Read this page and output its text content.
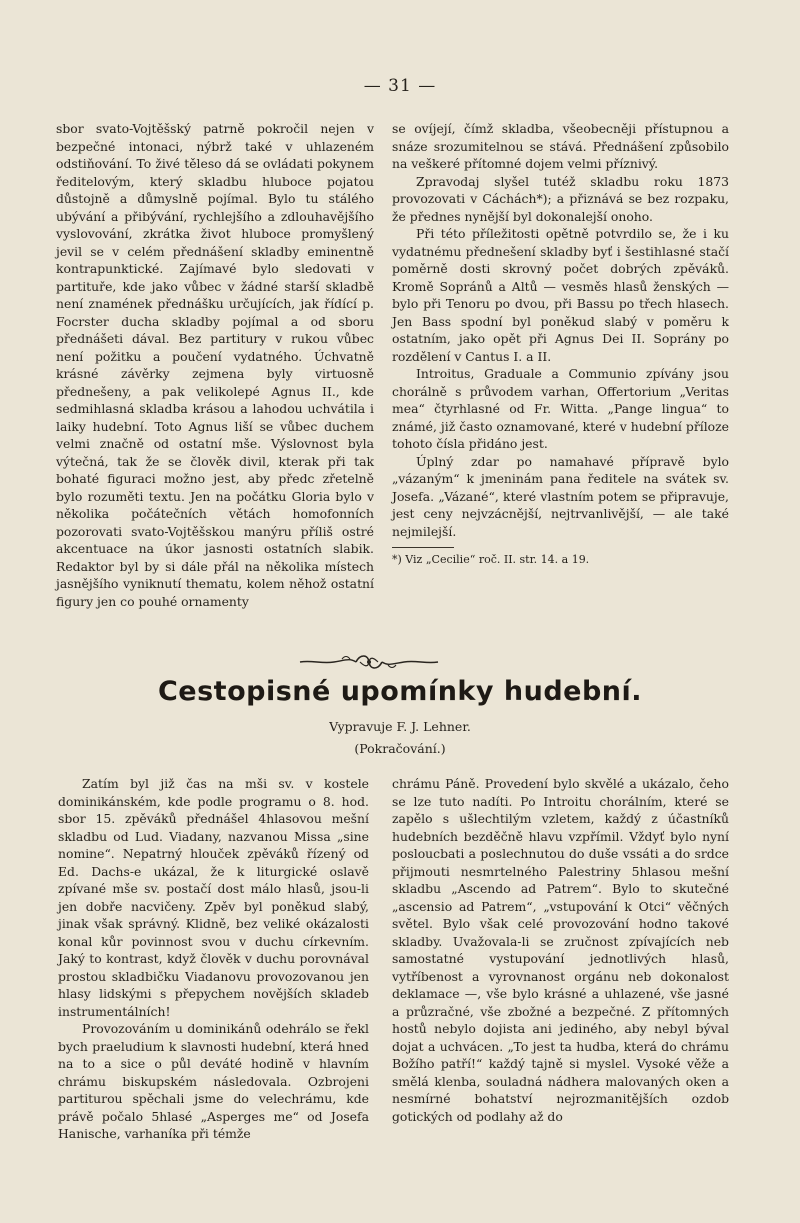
— 31 —

sbor svato-Vojtěšský patrně pokročil nejen v bezpečné intonaci, nýbrž také v uhlazeném odstiňování. To živé těleso dá se ovládati pokynem ředitelovým, který skladbu hluboce pojatou důstojně a důmyslně pojímal. Bylo tu stálého ubývání a přibývání, rychlejšího a zdlouhavějšího vyslovování, zkrátka život hluboce promyšlený jevil se v celém přednášení skladby eminentně kontrapunktické. Zajímavé bylo sledovati v partituře, kde jako vůbec v žádné starší skladbě není znamének přednášku určujících, jak řídící p. Focrster ducha skladby pojímal a od sboru přednášeti dával. Bez partitury v rukou vůbec není požitku a poučení vydatného. Úchvatně krásné závěrky zejmena byly virtuosně přednešeny, a pak velikolepé Agnus II., kde sedmihlasná skladba krásou a lahodou uchvátila i laiky hudební. Toto Agnus liší se vůbec duchem velmi značně od ostatní mše. Výslovnost byla výtečná, tak že se člověk divil, kterak při tak bohaté figuraci možno jest, aby předc zřetelně bylo rozuměti textu. Jen na počátku Gloria bylo v několika počátečních větách homofonních pozorovati svato-Vojtěšskou manýru příliš ostré akcentuace na úkor jasnosti ostatních slabik. Redaktor byl by si dále přál na několika místech jasnějšího vyniknutí thematu, kolem něhož ostatní figury jen co pouhé ornamenty

se ovíjejí, čímž skladba, všeobecněji přístupnou a snáze srozumitelnou se stává. Přednášení způsobilo na veškeré přítomné dojem velmi příznivý.

Zpravodaj slyšel tutéž skladbu roku 1873 provozovati v Cáchách*); a přiznává se bez rozpaku, že přednes nynější byl dokonalejší onoho.

Při této příležitosti opětně potvrdilo se, že i ku vydatnému přednešení skladby byť i šestihlasné stačí poměrně dosti skrovný počet dobrých zpěváků. Kromě Sopránů a Altů — vesměs hlasů ženských — bylo při Tenoru po dvou, při Bassu po třech hlasech. Jen Bass spodní byl poněkud slabý v poměru k ostatním, jako opět při Agnus Dei II. Soprány po rozdělení v Cantus I. a II.

Introitus, Graduale a Communio zpívány jsou chorálně s průvodem varhan, Offertorium „Veritas mea“ čtyrhlasné od Fr. Witta. „Pange lingua“ to známé, již často oznamované, které v hudební příloze tohoto čísla přidáno jest.

Úplný zdar po namahavé přípravě bylo „vázaným“ k jmeninám pana ředitele na svátek sv. Josefa. „Vázané“, které vlastním potem se připravuje, jest ceny nejvzácnější, nejtrvanlivější, — ale také nejmilejší.

*) Viz „Cecilie“ roč. II. str. 14. a 19.

Cestopisné upomínky hudební.
Vypravuje F. J. Lehner.
(Pokračování.)

Zatím byl již čas na mši sv. v kostele dominikánském, kde podle programu o 8. hod. sbor 15. zpěváků přednášel 4hlasovou mešní skladbu od Lud. Viadany, nazvanou Missa „sine nomine“. Nepatrný hlouček zpěváků řízený od Ed. Dachs-e ukázal, že k liturgické oslavě zpívané mše sv. postačí dost málo hlasů, jsou-li jen dobře nacvičeny. Zpěv byl poněkud slabý, jinak však správný. Klidně, bez veliké okázalosti konal kůr povinnost svou v duchu církevním. Jaký to kontrast, když člověk v duchu porovnával prostou skladbičku Viadanovu provozovanou jen hlasy lidskými s přepychem novějších skladeb instrumentálních!

Provozováním u dominikánů odehrálo se řekl bych praeludium k slavnosti hudební, která hned na to a sice o půl deváté hodině v hlavním chrámu biskupském následovala. Ozbrojeni partiturou spěchali jsme do velechrámu, kde právě počalo 5hlasé „Asperges me“ od Josefa Hanische, varhaníka při témže

chrámu Páně. Provedení bylo skvělé a ukázalo, čeho se lze tuto nadíti. Po Introitu chorálním, které se zapělo s ušlechtilým vzletem, každý z účastníků hudebních bezděčně hlavu vzpřímil. Vždyť bylo nyní posloucbati a poslechnutou do duše vssáti a do srdce přijmouti nesmrtelného Palestriny 5hlasou mešní skladbu „Ascendo ad Patrem“. Bylo to skutečné „ascensio ad Patrem“, „vstupování k Otci“ věčných světel. Bylo však celé provozování hodno takové skladby. Uvažovala-li se zručnost zpívajících neb samostatné vystupování jednotlivých hlasů, vytříbenost a vyrovnanost orgánu neb dokonalost deklamace —, vše bylo krásné a uhlazené, vše jasné a průzračné, vše zbožné a bezpečné. Z přítomných hostů nebylo dojista ani jediného, aby nebyl býval dojat a uchvácen. „To jest ta hudba, která do chrámu Božího patří!“ každý tajně si myslel. Vysoké věže a smělá klenba, souladná nádhera malovaných oken a nesmírné bohatství nejrozmanitějších ozdob gotických od podlahy až do
